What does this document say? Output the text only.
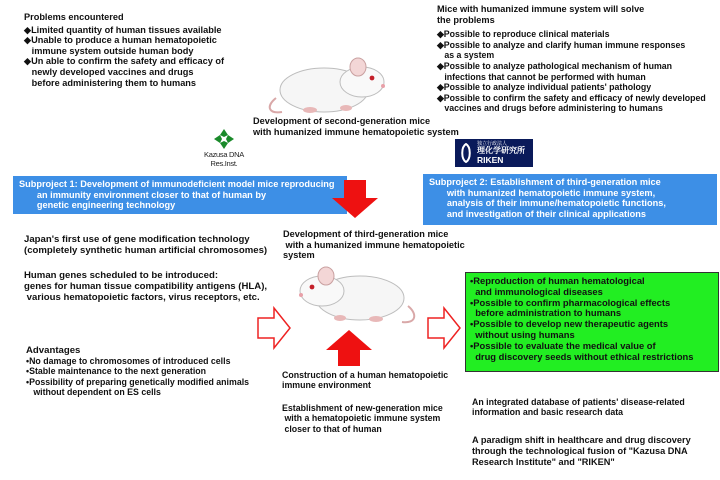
Problems encountered
◆Limited quantity of human tissues available
◆Unable to produce a human hematopoietic
immune system outside human body
◆Un able to confirm the safety and efficacy of
newly developed vaccines and drugs
before administering them to humans
Mice with humanized immune system will solve
the problems
◆Possible to reproduce clinical materials
◆Possible to analyze and clarify human immune responses
as a system
◆Possible to analyze pathological mechanism of human
infections that cannot be performed with human
◆Possible to analyze individual patients' pathology
◆Possible to confirm the safety and efficacy of newly developed
vaccines and drugs before administering to humans
Development of second-generation mice
with humanized immune hematopoietic system
Kazusa DNA Res.Inst.
独立行政法人
理化学研究所
RIKEN
Subproject 1: Development of immunodeficient model mice reproducing
an immunity environment closer to that of human by
genetic engineering technology
Subproject 2: Establishment of third-generation mice
with humanized hematopoietic immune system,
analysis of their immune/hematopoietic functions,
and investigation of their clinical applications
Japan's first use of gene modification technology
(completely synthetic human artificial chromosomes)
Development of third-generation mice
with a humanized immune hematopoietic
system
Human genes scheduled to be introduced:
genes for human tissue compatibility antigens (HLA),
various hematopoietic factors, virus receptors, etc.
•Reproduction of human hematological
and immunological diseases
•Possible to confirm pharmacological effects
before administration to humans
•Possible to develop new therapeutic agents
without using humans
•Possible to evaluate the medical value of
drug discovery seeds without ethical restrictions
Advantages
•No damage to chromosomes of introduced cells
•Stable maintenance to the next generation
•Possibility of preparing genetically modified animals
without dependent on ES cells
Construction of a human hematopoietic
immune environment
Establishment of new-generation mice
with a hematopoietic immune system
closer to that of human
An integrated database of patients' disease-related
information and basic research data
A paradigm shift in healthcare and drug discovery
through the technological fusion of "Kazusa DNA
Research Institute" and "RIKEN"
